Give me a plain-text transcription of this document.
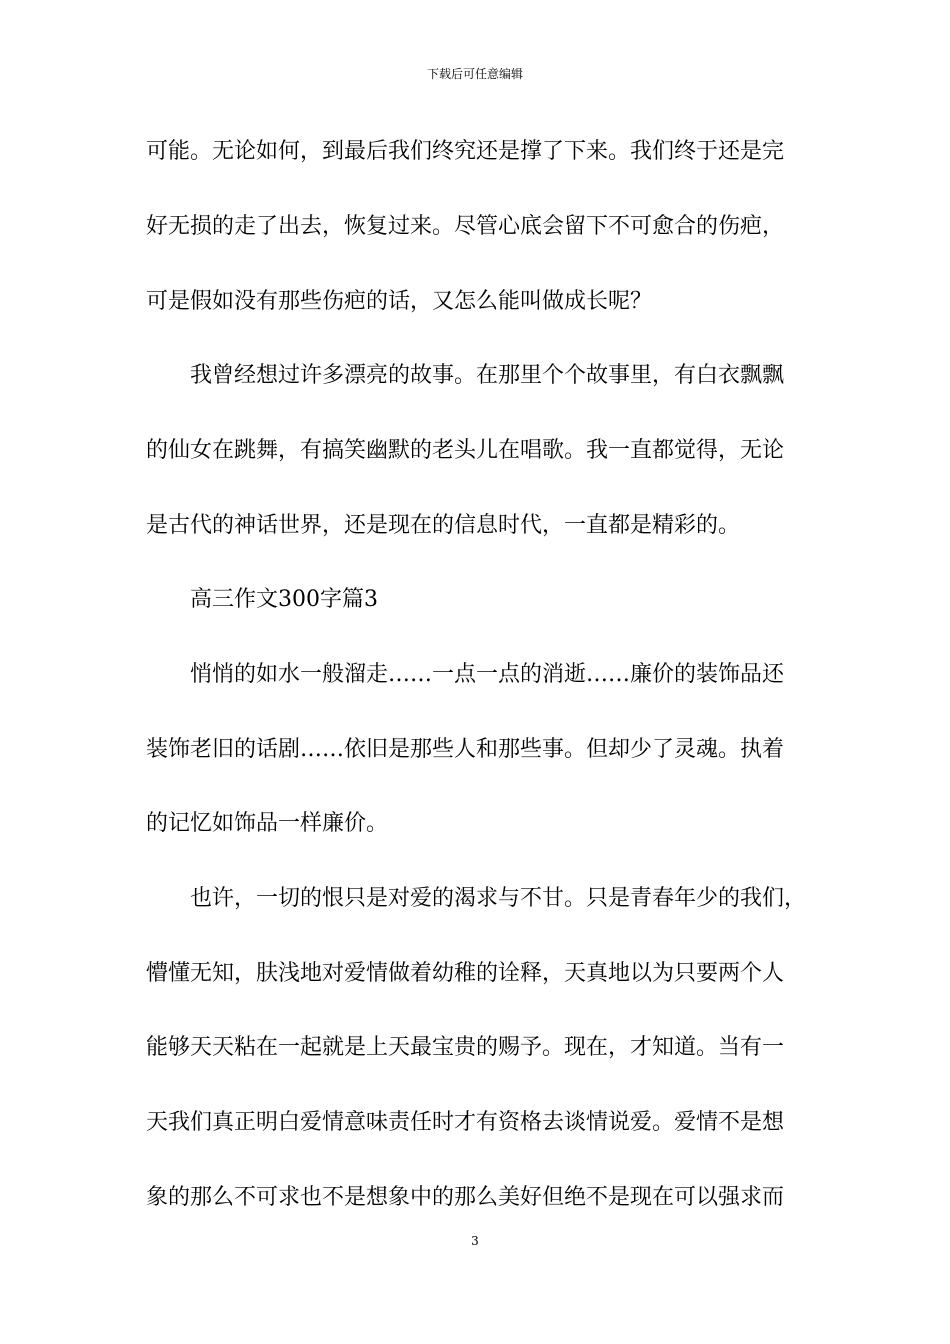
下载后可任意编辑
可能。无论如何，到最后我们终究还是撑了下来。我们终于还是完
好无损的走了出去，恢复过来。尽管心底会留下不可愈合的伤疤，
可是假如没有那些伤疤的话，又怎么能叫做成长呢？
我曾经想过许多漂亮的故事。在那里个个故事里，有白衣飘飘
的仙女在跳舞，有搞笑幽默的老头儿在唱歌。我一直都觉得，无论
是古代的神话世界，还是现在的信息时代，一直都是精彩的。
高三作文300字篇3
悄悄的如水一般溜走……一点一点的消逝……廉价的装饰品还
装饰老旧的话剧……依旧是那些人和那些事。但却少了灵魂。执着
的记忆如饰品一样廉价。
也许，一切的恨只是对爱的渴求与不甘。只是青春年少的我们，
懵懂无知，肤浅地对爱情做着幼稚的诠释，天真地以为只要两个人
能够天天粘在一起就是上天最宝贵的赐予。现在，才知道。当有一
天我们真正明白爱情意味责任时才有资格去谈情说爱。爱情不是想
象的那么不可求也不是想象中的那么美好但绝不是现在可以强求而
3
